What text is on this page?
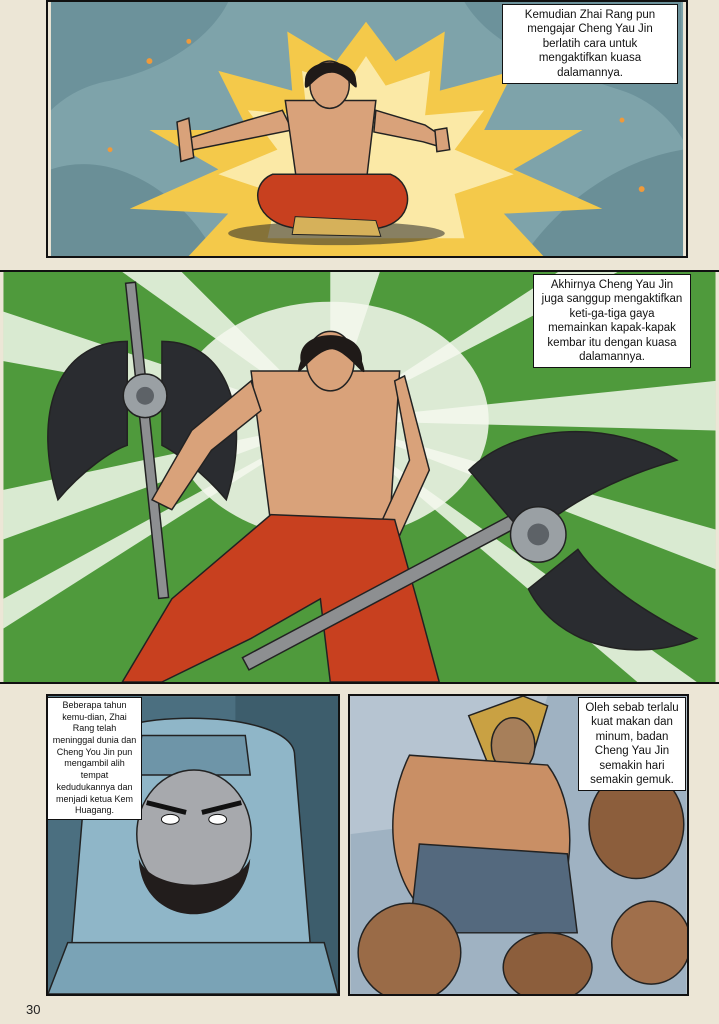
Kemudian Zhai Rang pun mengajar Cheng Yau Jin berlatih cara untuk mengaktifkan kuasa dalamannya.
Akhirnya Cheng Yau Jin juga sanggup mengaktifkan keti-ga-tiga gaya memainkan kapak-kapak kembar itu dengan kuasa dalamannya.
Beberapa tahun kemu-dian, Zhai Rang telah meninggal dunia dan Cheng You Jin pun mengambil alih tempat kedudukannya dan menjadi ketua Kem Huagang.
Oleh sebab terlalu kuat makan dan minum, badan Cheng Yau Jin semakin hari semakin gemuk.
30
